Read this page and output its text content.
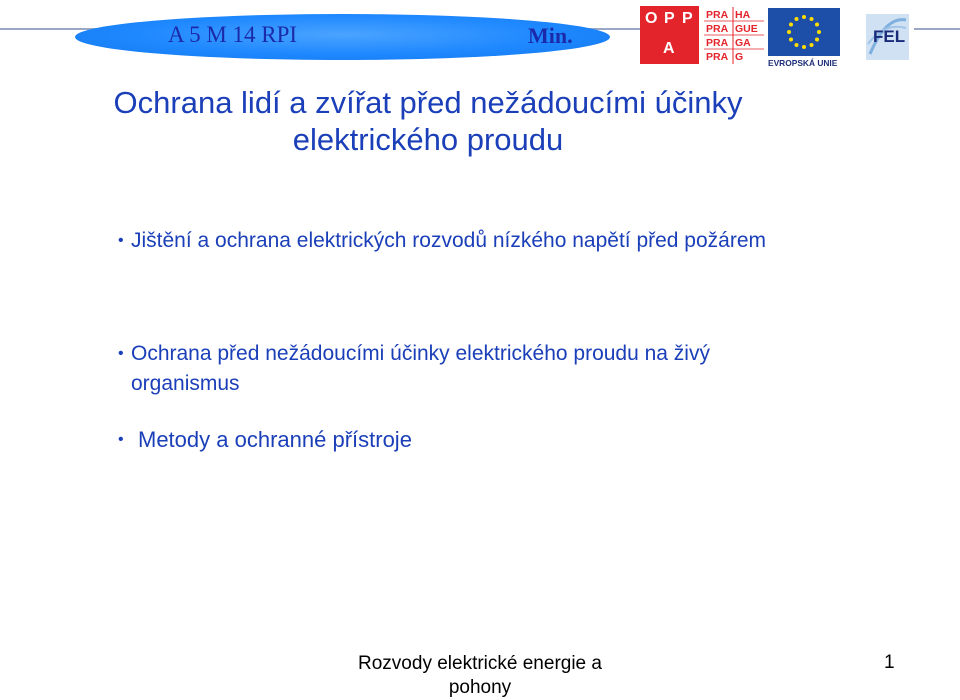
A 5 M 14 RPI	Min.
O P P
A
PRA HA
PRA GUE
PRA GA
PRA G	EVROPSKÁ UNIE
FEL
Ochrana lidí a zvířat před nežádoucími účinky elektrického proudu
• Jištění a ochrana elektrických rozvodů nízkého napětí před požárem
• Ochrana před nežádoucími účinky elektrického proudu na živý organismus
• Metody a ochranné přístroje
Rozvody elektrické energie a pohony
1
